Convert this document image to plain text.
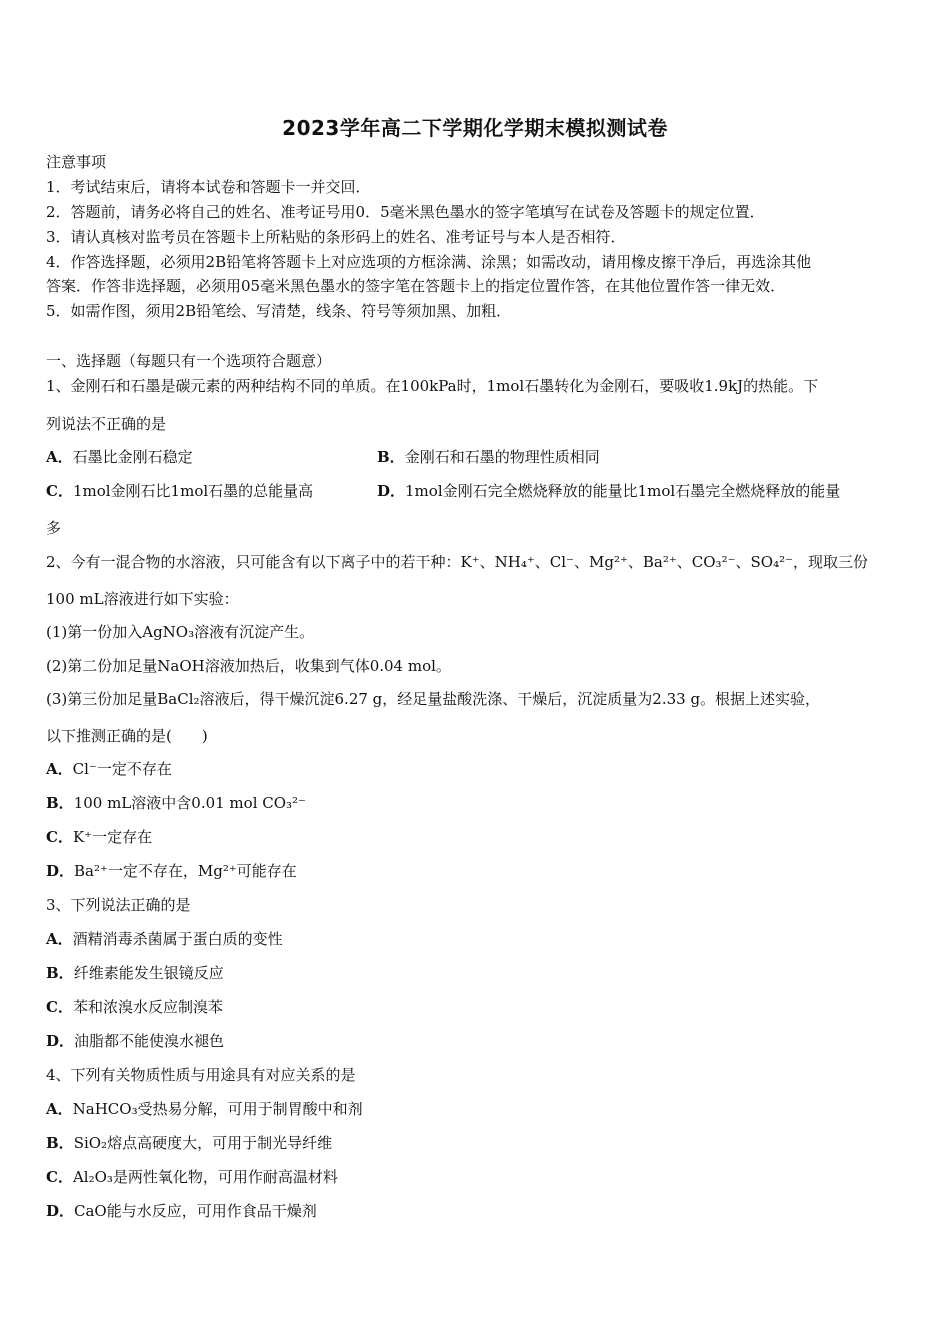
2023学年高二下学期化学期末模拟测试卷
注意事项
1．考试结束后，请将本试卷和答题卡一并交回．
2．答题前，请务必将自己的姓名、准考证号用0．5毫米黑色墨水的签字笔填写在试卷及答题卡的规定位置．
3．请认真核对监考员在答题卡上所粘贴的条形码上的姓名、准考证号与本人是否相符．
4．作答选择题，必须用2B铅笔将答题卡上对应选项的方框涂满、涂黑；如需改动，请用橡皮擦干净后，再选涂其他
答案．作答非选择题，必须用05毫米黑色墨水的签字笔在答题卡上的指定位置作答，在其他位置作答一律无效．
5．如需作图，须用2B铅笔绘、写清楚，线条、符号等须加黑、加粗．
一、选择题（每题只有一个选项符合题意）
1、金刚石和石墨是碳元素的两种结构不同的单质。在100kPa时，1mol石墨转化为金刚石，要吸收1.9kJ的热能。下
列说法不正确的是
A．石墨比金刚石稳定	B．金刚石和石墨的物理性质相同
C．1mol金刚石比1mol石墨的总能量高	D．1mol金刚石完全燃烧释放的能量比1mol石墨完全燃烧释放的能量
多
2、今有一混合物的水溶液，只可能含有以下离子中的若干种：K⁺、NH₄⁺、Cl⁻、Mg²⁺、Ba²⁺、CO₃²⁻、SO₄²⁻，现取三份
100 mL溶液进行如下实验：
(1)第一份加入AgNO₃溶液有沉淀产生。
(2)第二份加足量NaOH溶液加热后，收集到气体0.04 mol。
(3)第三份加足量BaCl₂溶液后，得干燥沉淀6.27 g，经足量盐酸洗涤、干燥后，沉淀质量为2.33 g。根据上述实验，
以下推测正确的是(　　)
A．Cl⁻一定不存在
B．100 mL溶液中含0.01 mol CO₃²⁻
C．K⁺一定存在
D．Ba²⁺一定不存在，Mg²⁺可能存在
3、下列说法正确的是
A．酒精消毒杀菌属于蛋白质的变性
B．纤维素能发生银镜反应
C．苯和浓溴水反应制溴苯
D．油脂都不能使溴水褪色
4、下列有关物质性质与用途具有对应关系的是
A．NaHCO₃受热易分解，可用于制胃酸中和剂
B．SiO₂熔点高硬度大，可用于制光导纤维
C．Al₂O₃是两性氧化物，可用作耐高温材料
D．CaO能与水反应，可用作食品干燥剂
